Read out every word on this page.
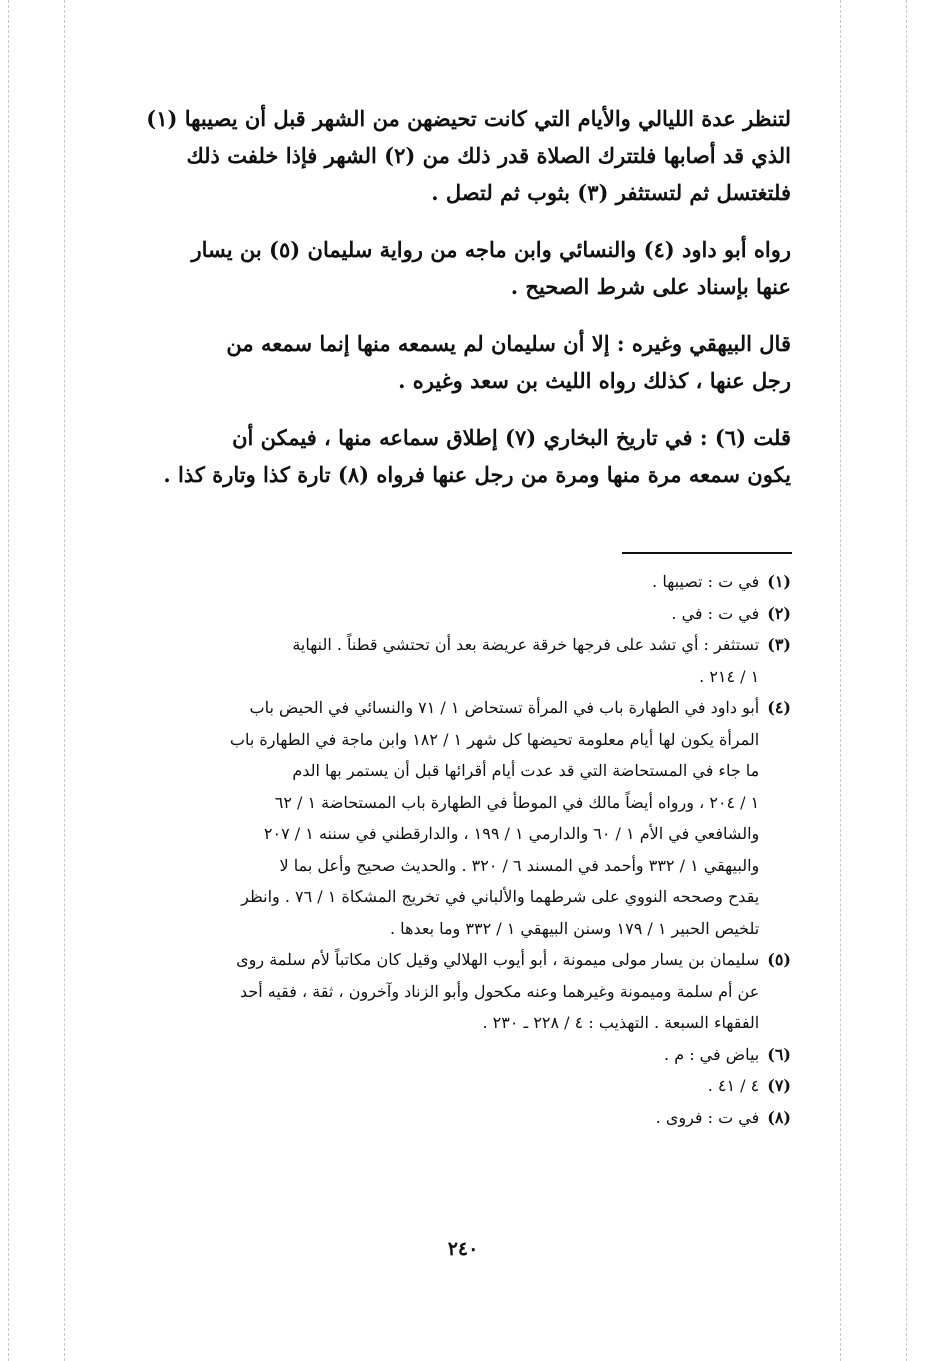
لتنظر عدة الليالي والأيام التي كانت تحيضهن من الشهر قبل أن يصيبها (١)

الذي قد أصابها فلتترك الصلاة قدر ذلك من (٢) الشهر فإذا خلفت ذلك

فلتغتسل ثم لتستثفر (٣) بثوب ثم لتصل .

رواه أبو داود (٤) والنسائي وابن ماجه من رواية سليمان (٥) بن يسار

عنها بإسناد على شرط الصحيح .

قال البيهقي وغيره : إلا أن سليمان لم يسمعه منها إنما سمعه من

رجل عنها ، كذلك رواه الليث بن سعد وغيره .

قلت (٦) : في تاريخ البخاري (٧) إطلاق سماعه منها ، فيمكن أن

يكون سمعه مرة منها ومرة من رجل عنها فرواه (٨) تارة كذا وتارة كذا .

(١)

في ت : تصيبها .

(٢)

في ت : في .

(٣)

تستثفر : أي تشد على فرجها خرقة عريضة بعد أن تحتشي قطناً . النهاية

١ / ٢١٤ .

(٤)

أبو داود في الطهارة باب في المرأة تستحاض ١ / ٧١ والنسائي في الحيض باب

المرأة يكون لها أيام معلومة تحيضها كل شهر ١ / ١٨٢ وابن ماجة في الطهارة باب

ما جاء في المستحاضة التي قد عدت أيام أقرائها قبل أن يستمر بها الدم

١ / ٢٠٤ ، ورواه أيضاً مالك في الموطأ في الطهارة باب المستحاضة ١ / ٦٢

والشافعي في الأم ١ / ٦٠ والدارمي ١ / ١٩٩ ، والدارقطني في سننه ١ / ٢٠٧

والبيهقي ١ / ٣٣٢ وأحمد في المسند ٦ / ٣٢٠ . والحديث صحيح وأعل بما لا

يقدح وصححه النووي على شرطهما والألباني في تخريج المشكاة ١ / ٧٦ . وانظر

تلخيص الحبير ١ / ١٧٩ وسنن البيهقي ١ / ٣٣٢ وما بعدها .

(٥)

سليمان بن يسار مولى ميمونة ، أبو أيوب الهلالي وقيل كان مكاتباً لأم سلمة روى

عن أم سلمة وميمونة وغيرهما وعنه مكحول وأبو الزناد وآخرون ، ثقة ، فقيه أحد

الفقهاء السبعة . التهذيب : ٤ / ٢٢٨ ـ ٢٣٠ .

(٦)

بياض في : م .

(٧)

٤ / ٤١ .

(٨)

في ت : فروى .

٢٤٠
